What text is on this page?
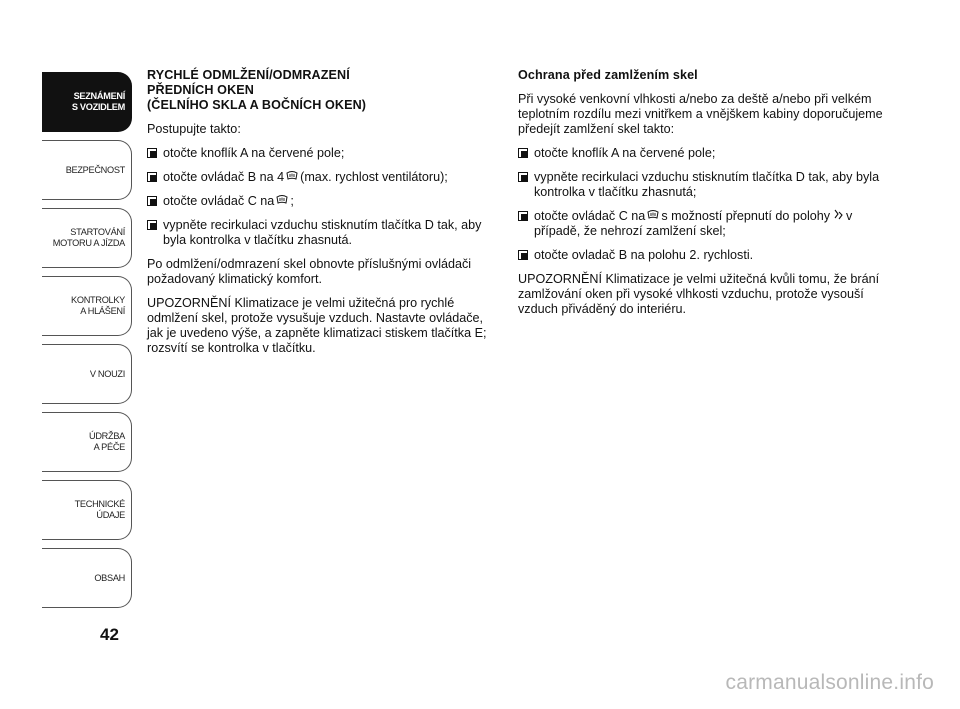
SEZNÁMENÍ
S VOZIDLEM
BEZPEČNOST
STARTOVÁNÍ
MOTORU A JÍZDA
KONTROLKY
A HLÁŠENÍ
V NOUZI
ÚDRŽBA
A PÉČE
TECHNICKÉ
ÚDAJE
OBSAH
42
RYCHLÉ ODMLŽENÍ/ODMRAZENÍ
PŘEDNÍCH OKEN
(ČELNÍHO SKLA A BOČNÍCH OKEN)

Postupujte takto:

otočte knoflík A na červené pole;
otočte ovládač B na 4 (max. rychlost ventilátoru);
otočte ovládač C na ;
vypněte recirkulaci vzduchu stisknutím tlačítka D tak, aby byla kontrolka v tlačítku zhasnutá.

Po odmlžení/odmrazení skel obnovte příslušnými ovládači požadovaný klimatický komfort.

UPOZORNĚNÍ Klimatizace je velmi užitečná pro rychlé odmlžení skel, protože vysušuje vzduch. Nastavte ovládače, jak je uvedeno výše, a zapněte klimatizaci stiskem tlačítka E; rozsvítí se kontrolka v tlačítku.

Ochrana před zamlžením skel

Při vysoké venkovní vlhkosti a/nebo za deště a/nebo při velkém teplotním rozdílu mezi vnitřkem a vnějškem kabiny doporučujeme předejít zamlžení skel takto:

otočte knoflík A na červené pole;
vypněte recirkulaci vzduchu stisknutím tlačítka D tak, aby byla kontrolka v tlačítku zhasnutá;
otočte ovládač C na s možností přepnutí do polohy v případě, že nehrozí zamlžení skel;
otočte ovladač B na polohu 2. rychlosti.

UPOZORNĚNÍ Klimatizace je velmi užitečná kvůli tomu, že brání zamlžování oken při vysoké vlhkosti vzduchu, protože vysouší vzduch přiváděný do interiéru.

carmanualsonline.info
